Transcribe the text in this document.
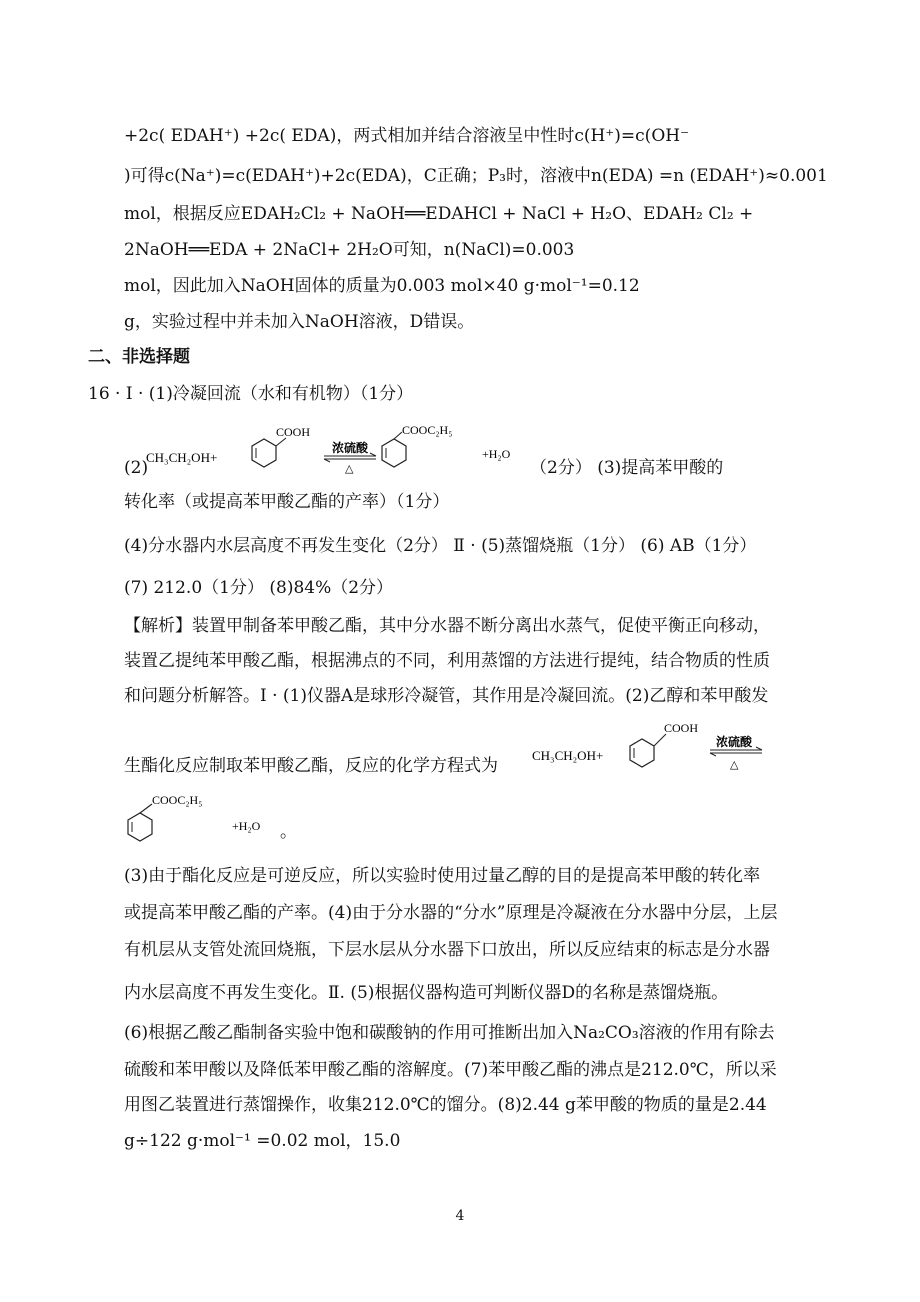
+2c( EDAH⁺) +2c( EDA)，两式相加并结合溶液呈中性时c(H⁺)=c(OH⁻
)可得c(Na⁺)=c(EDAH⁺)+2c(EDA)，C正确；P₃时，溶液中n(EDA) =n (EDAH⁺)≈0.001
mol，根据反应EDAH₂Cl₂ + NaOH══EDAHCl + NaCl + H₂O、EDAH₂ Cl₂ +
2NaOH══EDA + 2NaCl+ 2H₂O可知，n(NaCl)=0.003
mol，因此加入NaOH固体的质量为0.003 mol×40 g·mol⁻¹=0.12
g，实验过程中并未加入NaOH溶液，D错误。
二、非选择题
16 · I · (1)冷凝回流（水和有机物）（1分）
(2)
CH₃CH₂OH+
COOH
浓硫酸
△
COOC₂H₅
+H₂O
（2分） (3)提高苯甲酸的
转化率（或提高苯甲酸乙酯的产率）（1分）
(4)分水器内水层高度不再发生变化（2分） Ⅱ · (5)蒸馏烧瓶（1分） (6) AB（1分）
(7) 212.0（1分） (8)84%（2分）
【解析】装置甲制备苯甲酸乙酯，其中分水器不断分离出水蒸气，促使平衡正向移动，
装置乙提纯苯甲酸乙酯，根据沸点的不同，利用蒸馏的方法进行提纯，结合物质的性质
和问题分析解答。I · (1)仪器A是球形冷凝管，其作用是冷凝回流。(2)乙醇和苯甲酸发
生酯化反应制取苯甲酸乙酯，反应的化学方程式为
CH₃CH₂OH+
COOH
浓硫酸
△
COOC₂H₅
+H₂O 。
(3)由于酯化反应是可逆反应，所以实验时使用过量乙醇的目的是提高苯甲酸的转化率
或提高苯甲酸乙酯的产率。(4)由于分水器的“分水”原理是冷凝液在分水器中分层，上层
有机层从支管处流回烧瓶，下层水层从分水器下口放出，所以反应结束的标志是分水器
内水层高度不再发生变化。Ⅱ. (5)根据仪器构造可判断仪器D的名称是蒸馏烧瓶。
(6)根据乙酸乙酯制备实验中饱和碳酸钠的作用可推断出加入Na₂CO₃溶液的作用有除去
硫酸和苯甲酸以及降低苯甲酸乙酯的溶解度。(7)苯甲酸乙酯的沸点是212.0℃，所以采
用图乙装置进行蒸馏操作，收集212.0℃的馏分。(8)2.44 g苯甲酸的物质的量是2.44
g÷122 g·mol⁻¹ =0.02 mol，15.0
4
